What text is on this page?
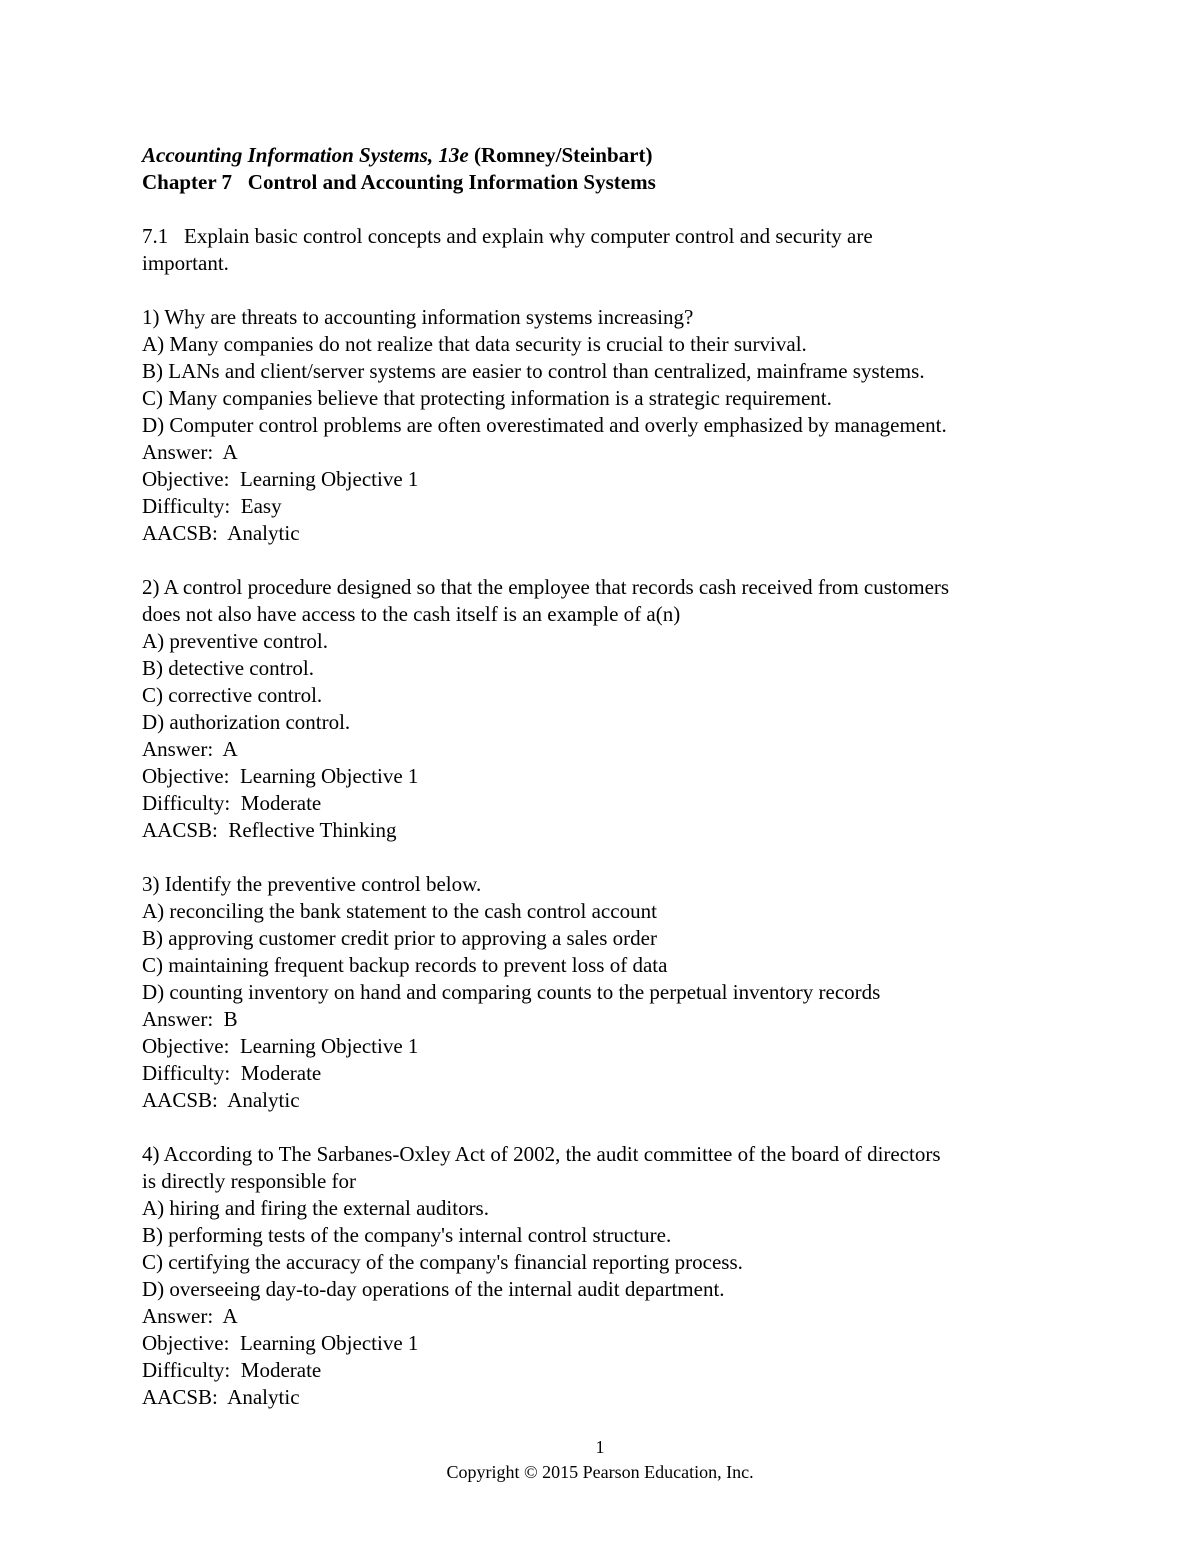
Accounting Information Systems, 13e (Romney/Steinbart)
Chapter 7   Control and Accounting Information Systems
7.1   Explain basic control concepts and explain why computer control and security are
important.
1) Why are threats to accounting information systems increasing?
A) Many companies do not realize that data security is crucial to their survival.
B) LANs and client/server systems are easier to control than centralized, mainframe systems.
C) Many companies believe that protecting information is a strategic requirement.
D) Computer control problems are often overestimated and overly emphasized by management.
Answer:  A
Objective:  Learning Objective 1
Difficulty:  Easy
AACSB:  Analytic
2) A control procedure designed so that the employee that records cash received from customers
does not also have access to the cash itself is an example of a(n)
A) preventive control.
B) detective control.
C) corrective control.
D) authorization control.
Answer:  A
Objective:  Learning Objective 1
Difficulty:  Moderate
AACSB:  Reflective Thinking
3) Identify the preventive control below.
A) reconciling the bank statement to the cash control account
B) approving customer credit prior to approving a sales order
C) maintaining frequent backup records to prevent loss of data
D) counting inventory on hand and comparing counts to the perpetual inventory records
Answer:  B
Objective:  Learning Objective 1
Difficulty:  Moderate
AACSB:  Analytic
4) According to The Sarbanes-Oxley Act of 2002, the audit committee of the board of directors
is directly responsible for
A) hiring and firing the external auditors.
B) performing tests of the company's internal control structure.
C) certifying the accuracy of the company's financial reporting process.
D) overseeing day-to-day operations of the internal audit department.
Answer:  A
Objective:  Learning Objective 1
Difficulty:  Moderate
AACSB:  Analytic
1
Copyright © 2015 Pearson Education, Inc.
